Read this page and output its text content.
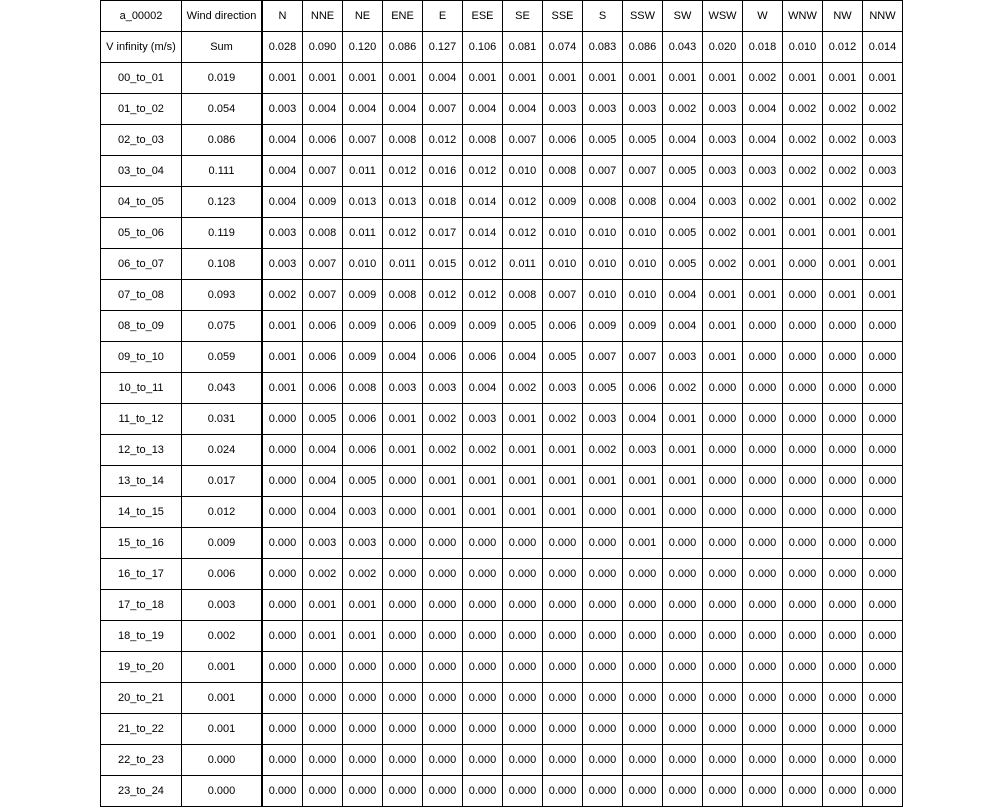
a_00002	Wind direction	N	NNE	NE	ENE	E	ESE	SE	SSE	S	SSW	SW	WSW	W	WNW	NW	NNW
V infinity (m/s)	Sum	0.028	0.090	0.120	0.086	0.127	0.106	0.081	0.074	0.083	0.086	0.043	0.020	0.018	0.010	0.012	0.014
00_to_01	0.019	0.001	0.001	0.001	0.001	0.004	0.001	0.001	0.001	0.001	0.001	0.001	0.001	0.002	0.001	0.001	0.001
01_to_02	0.054	0.003	0.004	0.004	0.004	0.007	0.004	0.004	0.003	0.003	0.003	0.002	0.003	0.004	0.002	0.002	0.002
02_to_03	0.086	0.004	0.006	0.007	0.008	0.012	0.008	0.007	0.006	0.005	0.005	0.004	0.003	0.004	0.002	0.002	0.003
03_to_04	0.111	0.004	0.007	0.011	0.012	0.016	0.012	0.010	0.008	0.007	0.007	0.005	0.003	0.003	0.002	0.002	0.003
04_to_05	0.123	0.004	0.009	0.013	0.013	0.018	0.014	0.012	0.009	0.008	0.008	0.004	0.003	0.002	0.001	0.002	0.002
05_to_06	0.119	0.003	0.008	0.011	0.012	0.017	0.014	0.012	0.010	0.010	0.010	0.005	0.002	0.001	0.001	0.001	0.001
06_to_07	0.108	0.003	0.007	0.010	0.011	0.015	0.012	0.011	0.010	0.010	0.010	0.005	0.002	0.001	0.000	0.001	0.001
07_to_08	0.093	0.002	0.007	0.009	0.008	0.012	0.012	0.008	0.007	0.010	0.010	0.004	0.001	0.001	0.000	0.001	0.001
08_to_09	0.075	0.001	0.006	0.009	0.006	0.009	0.009	0.005	0.006	0.009	0.009	0.004	0.001	0.000	0.000	0.000	0.000
09_to_10	0.059	0.001	0.006	0.009	0.004	0.006	0.006	0.004	0.005	0.007	0.007	0.003	0.001	0.000	0.000	0.000	0.000
10_to_11	0.043	0.001	0.006	0.008	0.003	0.003	0.004	0.002	0.003	0.005	0.006	0.002	0.000	0.000	0.000	0.000	0.000
11_to_12	0.031	0.000	0.005	0.006	0.001	0.002	0.003	0.001	0.002	0.003	0.004	0.001	0.000	0.000	0.000	0.000	0.000
12_to_13	0.024	0.000	0.004	0.006	0.001	0.002	0.002	0.001	0.001	0.002	0.003	0.001	0.000	0.000	0.000	0.000	0.000
13_to_14	0.017	0.000	0.004	0.005	0.000	0.001	0.001	0.001	0.001	0.001	0.001	0.001	0.000	0.000	0.000	0.000	0.000
14_to_15	0.012	0.000	0.004	0.003	0.000	0.001	0.001	0.001	0.001	0.000	0.001	0.000	0.000	0.000	0.000	0.000	0.000
15_to_16	0.009	0.000	0.003	0.003	0.000	0.000	0.000	0.000	0.000	0.000	0.001	0.000	0.000	0.000	0.000	0.000	0.000
16_to_17	0.006	0.000	0.002	0.002	0.000	0.000	0.000	0.000	0.000	0.000	0.000	0.000	0.000	0.000	0.000	0.000	0.000
17_to_18	0.003	0.000	0.001	0.001	0.000	0.000	0.000	0.000	0.000	0.000	0.000	0.000	0.000	0.000	0.000	0.000	0.000
18_to_19	0.002	0.000	0.001	0.001	0.000	0.000	0.000	0.000	0.000	0.000	0.000	0.000	0.000	0.000	0.000	0.000	0.000
19_to_20	0.001	0.000	0.000	0.000	0.000	0.000	0.000	0.000	0.000	0.000	0.000	0.000	0.000	0.000	0.000	0.000	0.000
20_to_21	0.001	0.000	0.000	0.000	0.000	0.000	0.000	0.000	0.000	0.000	0.000	0.000	0.000	0.000	0.000	0.000	0.000
21_to_22	0.001	0.000	0.000	0.000	0.000	0.000	0.000	0.000	0.000	0.000	0.000	0.000	0.000	0.000	0.000	0.000	0.000
22_to_23	0.000	0.000	0.000	0.000	0.000	0.000	0.000	0.000	0.000	0.000	0.000	0.000	0.000	0.000	0.000	0.000	0.000
23_to_24	0.000	0.000	0.000	0.000	0.000	0.000	0.000	0.000	0.000	0.000	0.000	0.000	0.000	0.000	0.000	0.000	0.000
